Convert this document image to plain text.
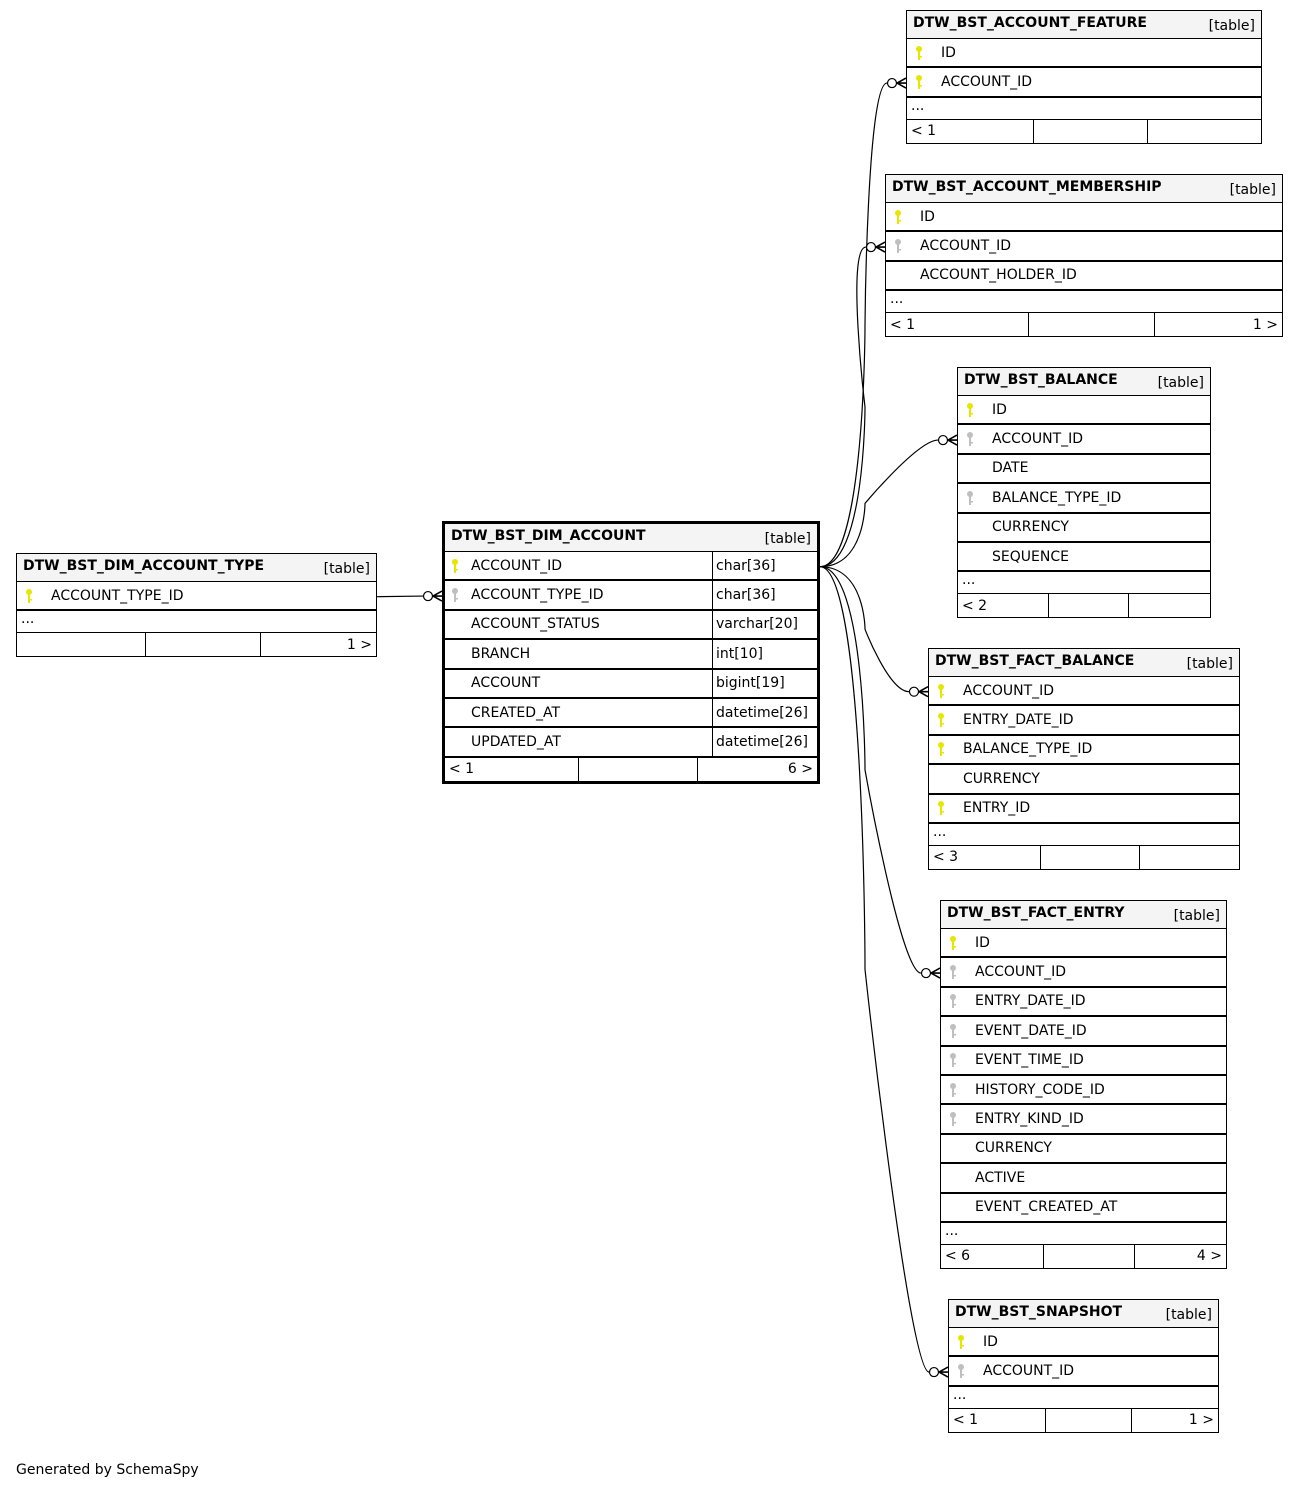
DTW_BST_DIM_ACCOUNT_TYPE	[table]
ACCOUNT_TYPE_ID
...
1 >
DTW_BST_DIM_ACCOUNT	[table]
ACCOUNT_ID	char[36]
ACCOUNT_TYPE_ID	char[36]
ACCOUNT_STATUS	varchar[20]
BRANCH	int[10]
ACCOUNT	bigint[19]
CREATED_AT	datetime[26]
UPDATED_AT	datetime[26]
< 1	6 >
DTW_BST_ACCOUNT_FEATURE	[table]
ID
ACCOUNT_ID
...
< 1
DTW_BST_ACCOUNT_MEMBERSHIP	[table]
ID
ACCOUNT_ID
ACCOUNT_HOLDER_ID
...
< 1	1 >
DTW_BST_BALANCE	[table]
ID
ACCOUNT_ID
DATE
BALANCE_TYPE_ID
CURRENCY
SEQUENCE
...
< 2
DTW_BST_FACT_BALANCE	[table]
ACCOUNT_ID
ENTRY_DATE_ID
BALANCE_TYPE_ID
CURRENCY
ENTRY_ID
...
< 3
DTW_BST_FACT_ENTRY	[table]
ID
ACCOUNT_ID
ENTRY_DATE_ID
EVENT_DATE_ID
EVENT_TIME_ID
HISTORY_CODE_ID
ENTRY_KIND_ID
CURRENCY
ACTIVE
EVENT_CREATED_AT
...
< 6	4 >
DTW_BST_SNAPSHOT	[table]
ID
ACCOUNT_ID
...
< 1	1 >
Generated by SchemaSpy
